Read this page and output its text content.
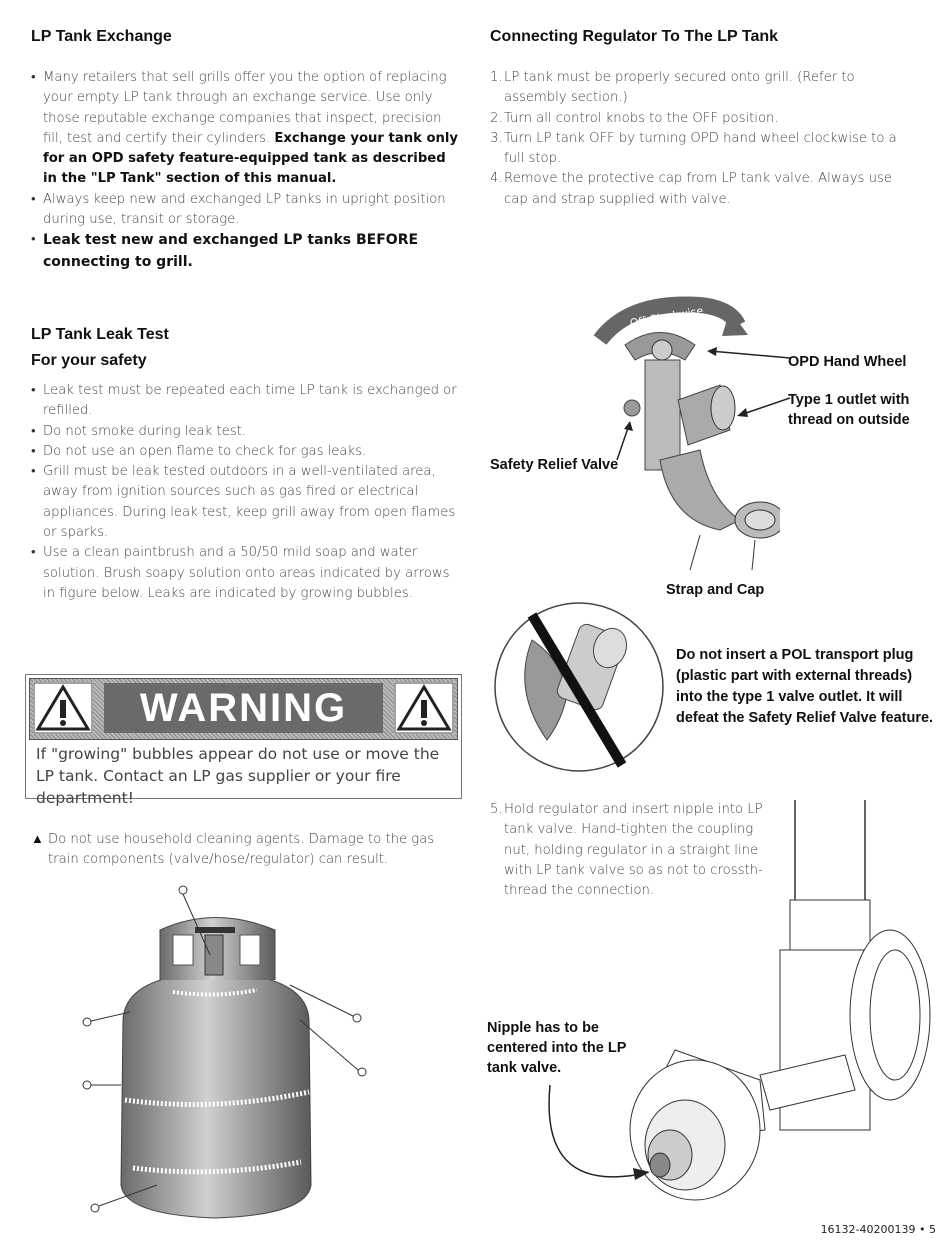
LP Tank Exchange
• Many retailers that sell grills offer you the option of replacing your empty LP tank through an exchange service. Use only those reputable exchange companies that inspect, precision fill, test and certify their cylinders. Exchange your tank only for an OPD safety feature-equipped tank as described in the "LP Tank" section of this manual.
• Always keep new and exchanged LP tanks in upright position during use, transit or storage.
• Leak test new and exchanged LP tanks BEFORE connecting to grill.
LP Tank Leak Test
For your safety
• Leak test must be repeated each time LP tank is exchanged or refilled.
• Do not smoke during leak test.
• Do not use an open flame to check for gas leaks.
• Grill must be leak tested outdoors in a well-ventilated area, away from ignition sources such as gas fired or electrical appliances. During leak test, keep grill away from open flames or sparks.
• Use a clean paintbrush and a 50/50 mild soap and water solution. Brush soapy solution onto areas indicated by arrows in figure below. Leaks are indicated by growing bubbles.
WARNING
If "growing" bubbles appear do not use or move the LP tank. Contact an LP gas supplier or your fire department!
▲ Do not use household cleaning agents. Damage to the gas train components (valve/hose/regulator) can result.
Connecting Regulator To The LP Tank
1. LP tank must be properly secured onto grill. (Refer to assembly section.)
2. Turn all control knobs to the OFF position.
3. Turn LP tank OFF by turning OPD hand wheel clockwise to a full stop.
4. Remove the protective cap from LP tank valve. Always use cap and strap supplied with valve.
Off Clockwise
OPD Hand Wheel
Type 1 outlet with thread on outside
Safety Relief Valve
Strap and Cap
Do not insert a POL transport plug (plastic part with external threads) into the type 1 valve outlet. It will defeat the Safety Relief Valve feature.
5. Hold regulator and insert nipple into LP tank valve. Hand-tighten the coupling nut, holding regulator in a straight line with LP tank valve so as not to crossth-thread the connection.
Nipple has to be centered into the LP tank valve.
16132-40200139 • 5
